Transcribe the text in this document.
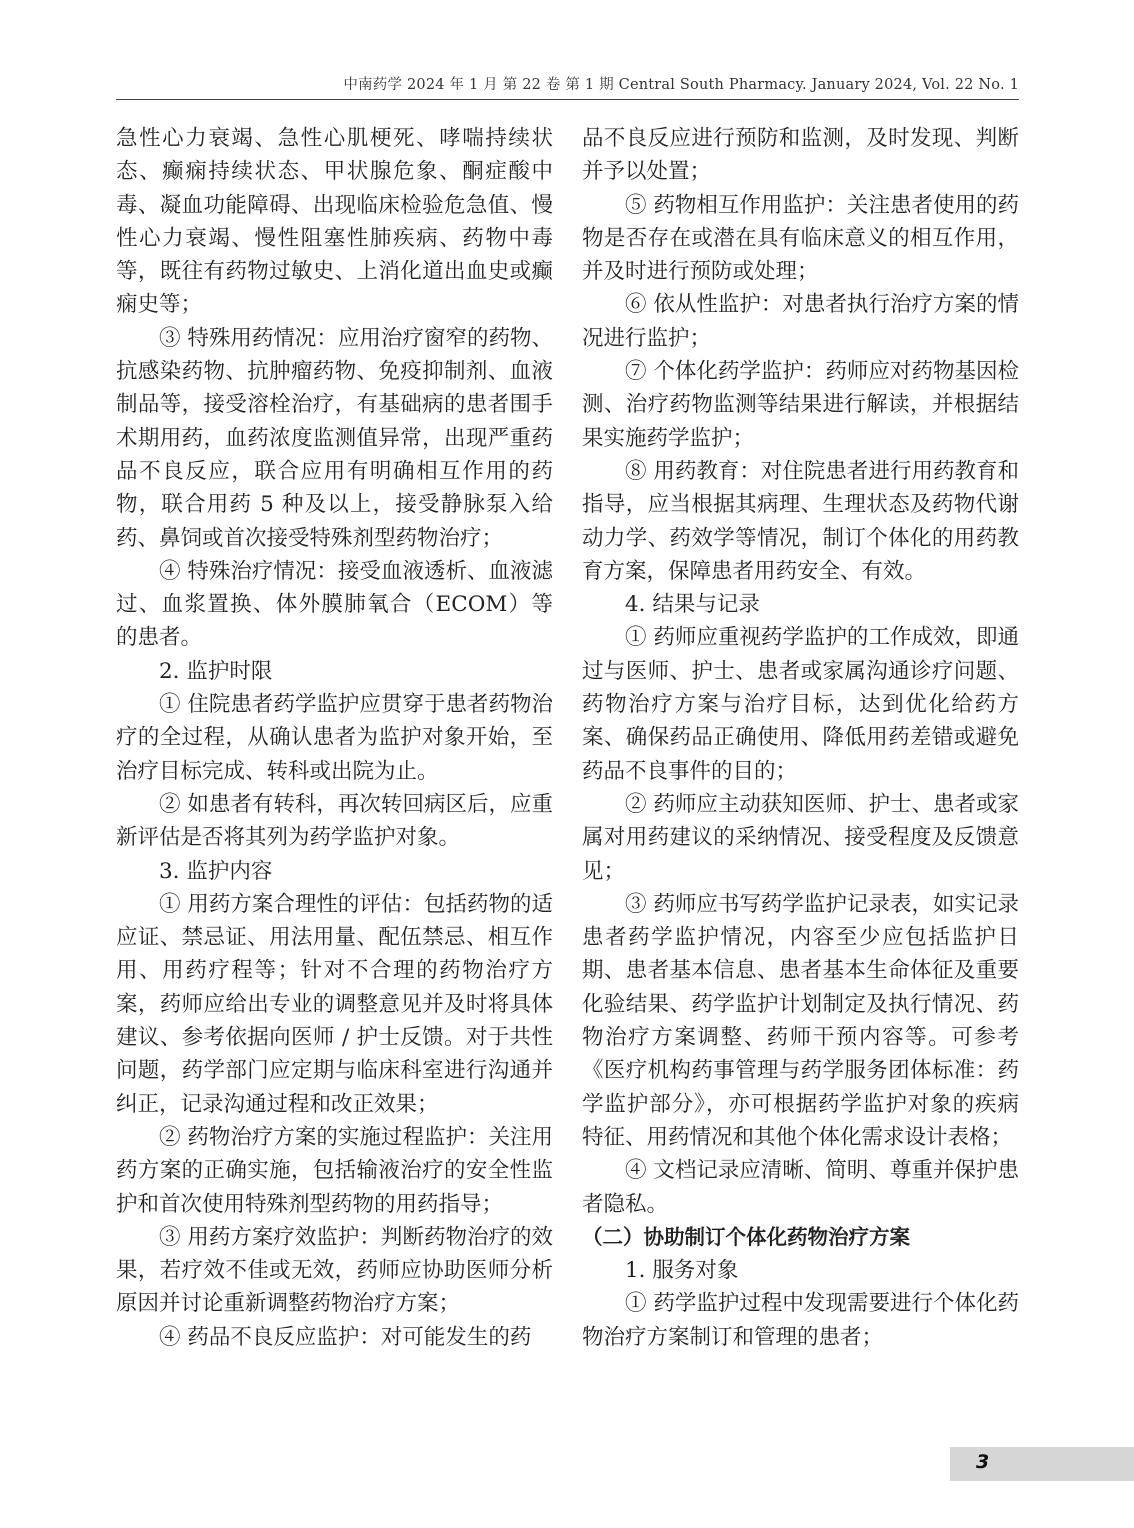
中南药学 2024 年 1 月 第 22 卷 第 1 期 Central South Pharmacy. January 2024, Vol. 22 No. 1

急性心力衰竭、急性心肌梗死、哮喘持续状态、癫痫持续状态、甲状腺危象、酮症酸中毒、凝血功能障碍、出现临床检验危急值、慢性心力衰竭、慢性阻塞性肺疾病、药物中毒等，既往有药物过敏史、上消化道出血史或癫痫史等；

③ 特殊用药情况：应用治疗窗窄的药物、抗感染药物、抗肿瘤药物、免疫抑制剂、血液制品等，接受溶栓治疗，有基础病的患者围手术期用药，血药浓度监测值异常，出现严重药品不良反应，联合应用有明确相互作用的药物，联合用药 5 种及以上，接受静脉泵入给药、鼻饲或首次接受特殊剂型药物治疗；

④ 特殊治疗情况：接受血液透析、血液滤过、血浆置换、体外膜肺氧合（ECOM）等的患者。

2. 监护时限

① 住院患者药学监护应贯穿于患者药物治疗的全过程，从确认患者为监护对象开始，至治疗目标完成、转科或出院为止。

② 如患者有转科，再次转回病区后，应重新评估是否将其列为药学监护对象。

3. 监护内容

① 用药方案合理性的评估：包括药物的适应证、禁忌证、用法用量、配伍禁忌、相互作用、用药疗程等；针对不合理的药物治疗方案，药师应给出专业的调整意见并及时将具体建议、参考依据向医师 / 护士反馈。对于共性问题，药学部门应定期与临床科室进行沟通并纠正，记录沟通过程和改正效果；

② 药物治疗方案的实施过程监护：关注用药方案的正确实施，包括输液治疗的安全性监护和首次使用特殊剂型药物的用药指导；

③ 用药方案疗效监护：判断药物治疗的效果，若疗效不佳或无效，药师应协助医师分析原因并讨论重新调整药物治疗方案；

④ 药品不良反应监护：对可能发生的药

品不良反应进行预防和监测，及时发现、判断并予以处置；

⑤ 药物相互作用监护：关注患者使用的药物是否存在或潜在具有临床意义的相互作用，并及时进行预防或处理；

⑥ 依从性监护：对患者执行治疗方案的情况进行监护；

⑦ 个体化药学监护：药师应对药物基因检测、治疗药物监测等结果进行解读，并根据结果实施药学监护；

⑧ 用药教育：对住院患者进行用药教育和指导，应当根据其病理、生理状态及药物代谢动力学、药效学等情况，制订个体化的用药教育方案，保障患者用药安全、有效。

4. 结果与记录

① 药师应重视药学监护的工作成效，即通过与医师、护士、患者或家属沟通诊疗问题、药物治疗方案与治疗目标，达到优化给药方案、确保药品正确使用、降低用药差错或避免药品不良事件的目的；

② 药师应主动获知医师、护士、患者或家属对用药建议的采纳情况、接受程度及反馈意见；

③ 药师应书写药学监护记录表，如实记录患者药学监护情况，内容至少应包括监护日期、患者基本信息、患者基本生命体征及重要化验结果、药学监护计划制定及执行情况、药物治疗方案调整、药师干预内容等。可参考《医疗机构药事管理与药学服务团体标准：药学监护部分》，亦可根据药学监护对象的疾病特征、用药情况和其他个体化需求设计表格；

④ 文档记录应清晰、简明、尊重并保护患者隐私。

（二）协助制订个体化药物治疗方案

1. 服务对象

① 药学监护过程中发现需要进行个体化药物治疗方案制订和管理的患者；

3
